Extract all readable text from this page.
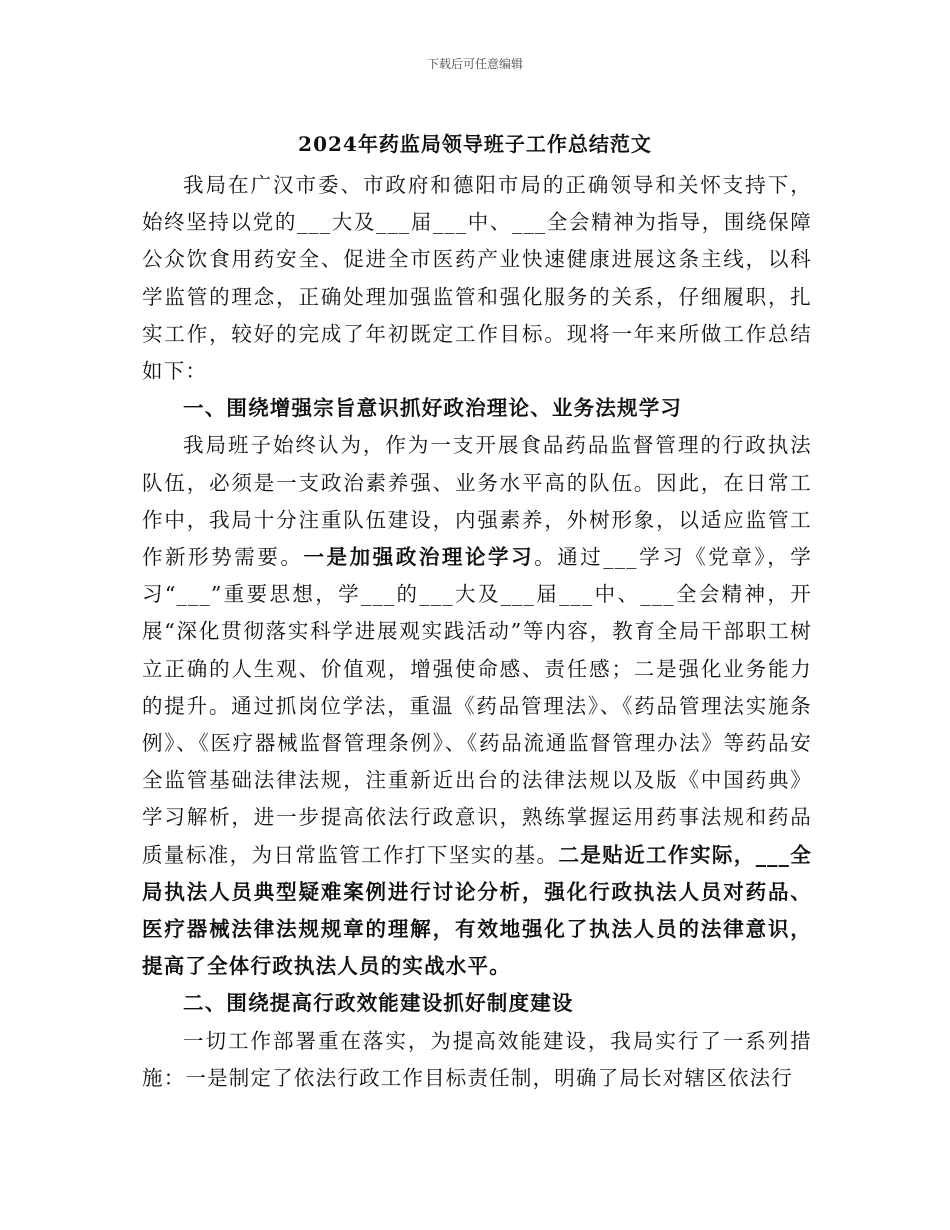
下载后可任意编辑
2024年药监局领导班子工作总结范文

我局在广汉市委、市政府和德阳市局的正确领导和关怀支持下，始终坚持以党的___大及___届___中、___全会精神为指导，围绕保障公众饮食用药安全、促进全市医药产业快速健康进展这条主线，以科学监管的理念，正确处理加强监管和强化服务的关系，仔细履职，扎实工作，较好的完成了年初既定工作目标。现将一年来所做工作总结如下：

一、围绕增强宗旨意识抓好政治理论、业务法规学习

我局班子始终认为，作为一支开展食品药品监督管理的行政执法队伍，必须是一支政治素养强、业务水平高的队伍。因此，在日常工作中，我局十分注重队伍建设，内强素养，外树形象，以适应监管工作新形势需要。一是加强政治理论学习。通过___学习《党章》，学习“___”重要思想，学___的___大及___届___中、___全会精神，开展“深化贯彻落实科学进展观实践活动”等内容，教育全局干部职工树立正确的人生观、价值观，增强使命感、责任感；二是强化业务能力的提升。通过抓岗位学法，重温《药品管理法》、《药品管理法实施条例》、《医疗器械监督管理条例》、《药品流通监督管理办法》等药品安全监管基础法律法规，注重新近出台的法律法规以及版《中国药典》学习解析，进一步提高依法行政意识，熟练掌握运用药事法规和药品质量标准，为日常监管工作打下坚实的基。二是贴近工作实际，___全局执法人员典型疑难案例进行讨论分析，强化行政执法人员对药品、医疗器械法律法规规章的理解，有效地强化了执法人员的法律意识，提高了全体行政执法人员的实战水平。

二、围绕提高行政效能建设抓好制度建设

一切工作部署重在落实，为提高效能建设，我局实行了一系列措施：一是制定了依法行政工作目标责任制，明确了局长对辖区依法行
